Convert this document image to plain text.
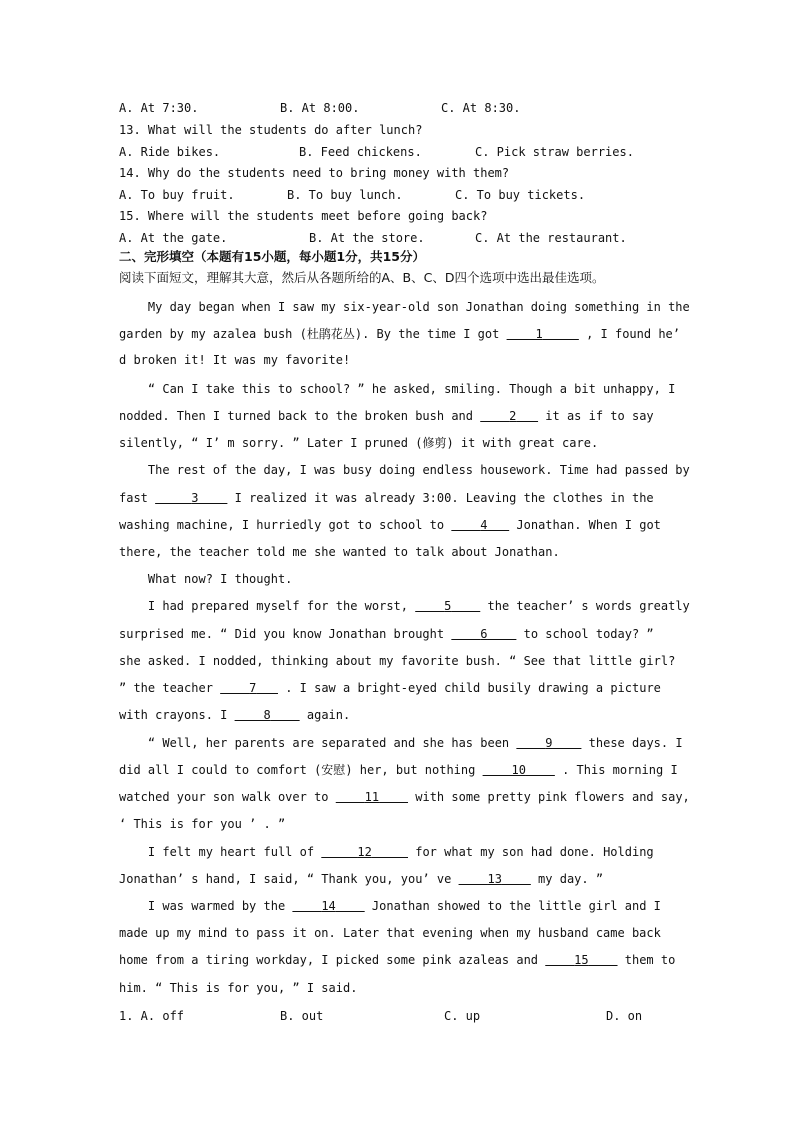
A. At 7:30.	B. At 8:00.	C. At 8:30.
13. What will the students do after lunch?
A. Ride bikes.	B. Feed chickens.	C. Pick straw berries.
14. Why do the students need to bring money with them?
A. To buy fruit.	B. To buy lunch.	C. To buy tickets.
15. Where will the students meet before going back?
A. At the gate.	B. At the store.	C. At the restaurant.
二、完形填空（本题有15小题，每小题1分，共15分）
阅读下面短文，理解其大意，然后从各题所给的A、B、C、D四个选项中选出最佳选项。
My day began when I saw my six-year-old son Jonathan doing something in the
garden by my azalea bush (杜鹃花丛). By the time I got     1	, I found he’
d broken it! It was my favorite!
“ Can I take this to school? ” he asked, smiling. Though a bit unhappy, I
nodded. Then I turned back to the broken bush and     2    it as if to say
silently, “ I’ m sorry. ” Later I pruned (修剪) it with great care.
The rest of the day, I was busy doing endless housework. Time had passed by
fast	3     I realized it was already 3:00. Leaving the clothes in the
washing machine, I hurriedly got to school to     4    Jonathan. When I got
there, the teacher told me she wanted to talk about Jonathan.
What now? I thought.
I had prepared myself for the worst,     5     the teacher’ s words greatly
surprised me. “ Did you know Jonathan brought     6     to school today? ”
she asked. I nodded, thinking about my favorite bush. “ See that little girl?
” the teacher     7    . I saw a bright-eyed child busily drawing a picture
with crayons. I     8     again.
“ Well, her parents are separated and she has been     9     these days. I
did all I could to comfort (安慰) her, but nothing     10     . This morning I
watched your son walk over to     11     with some pretty pink flowers and say,
‘ This is for you ’ . ”
I felt my heart full of	12	for what my son had done. Holding
Jonathan’ s hand, I said, “ Thank you, you’ ve     13     my day. ”
I was warmed by the     14     Jonathan showed to the little girl and I
made up my mind to pass it on. Later that evening when my husband came back
home from a tiring workday, I picked some pink azaleas and     15     them to
him. “ This is for you, ” I said.
1. A. off	B. out	C. up	D. on
